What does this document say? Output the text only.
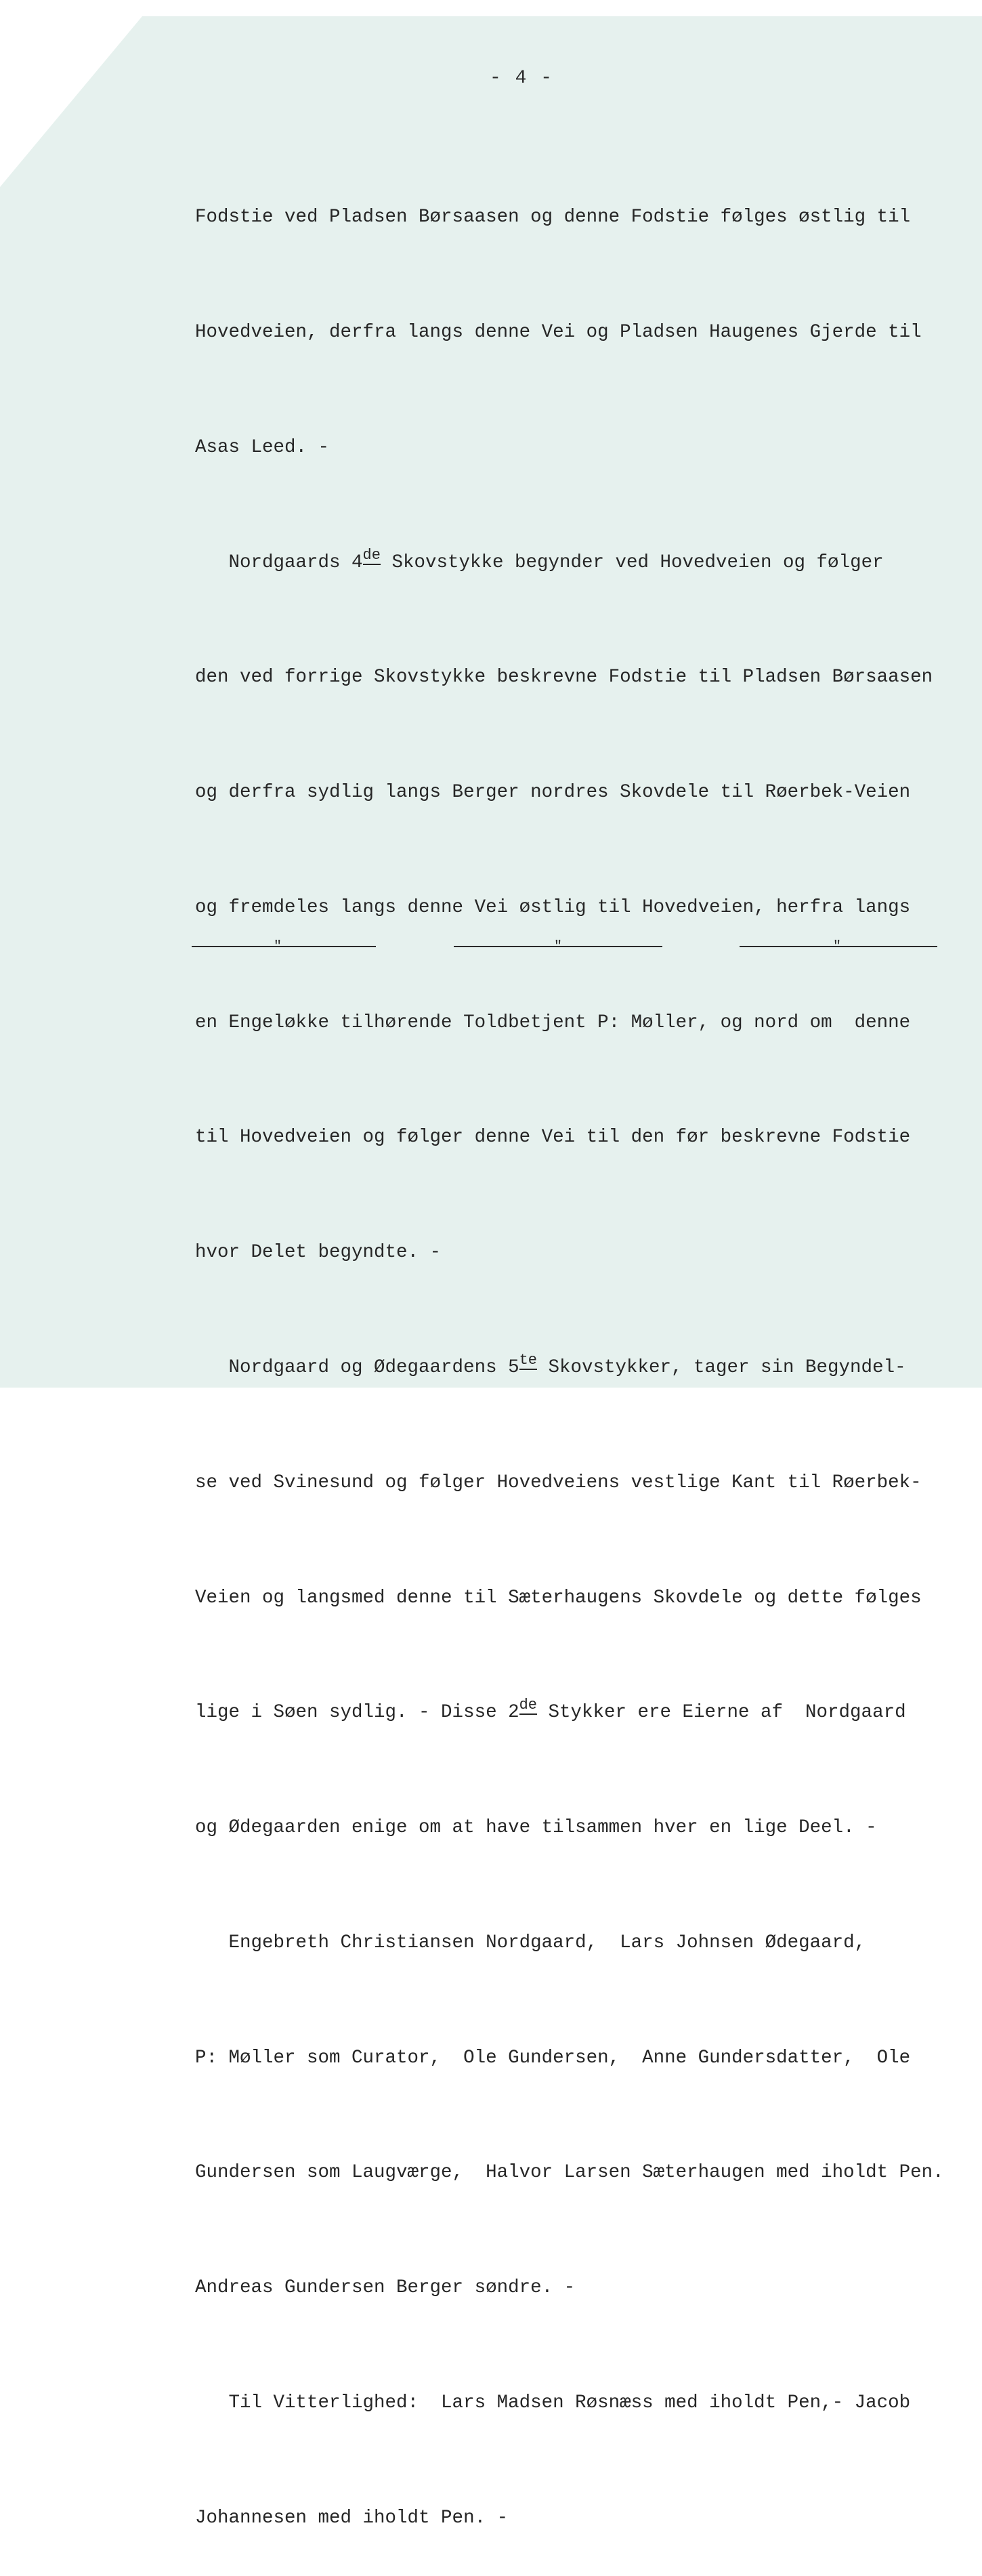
- 4 -

Fodstie ved Pladsen Børsaasen og denne Fodstie følges østlig til

Hovedveien, derfra langs denne Vei og Pladsen Haugenes Gjerde til

Asas Leed. -

Nordgaards 4de Skovstykke begynder ved Hovedveien og følger

den ved forrige Skovstykke beskrevne Fodstie til Pladsen Børsaasen

og derfra sydlig langs Berger nordres Skovdele til Røerbek-Veien

og fremdeles langs denne Vei østlig til Hovedveien, herfra langs

en Engeløkke tilhørende Toldbetjent P: Møller, og nord om  denne

til Hovedveien og følger denne Vei til den før beskrevne Fodstie

hvor Delet begyndte. -

Nordgaard og Ødegaardens 5te Skovstykker, tager sin Begyndel-

se ved Svinesund og følger Hovedveiens vestlige Kant til Røerbek-

Veien og langsmed denne til Sæterhaugens Skovdele og dette følges

lige i Søen sydlig. - Disse 2de Stykker ere Eierne af  Nordgaard

og Ødegaarden enige om at have tilsammen hver en lige Deel. -

Engebreth Christiansen Nordgaard,  Lars Johnsen Ødegaard,

P: Møller som Curator,  Ole Gundersen,  Anne Gundersdatter,  Ole

Gundersen som Laugværge,  Halvor Larsen Sæterhaugen med iholdt Pen.

Andreas Gundersen Berger søndre. -

Til Vitterlighed:  Lars Madsen Røsnæss med iholdt Pen,- Jacob

Johannesen med iholdt Pen. -

"	"	"
